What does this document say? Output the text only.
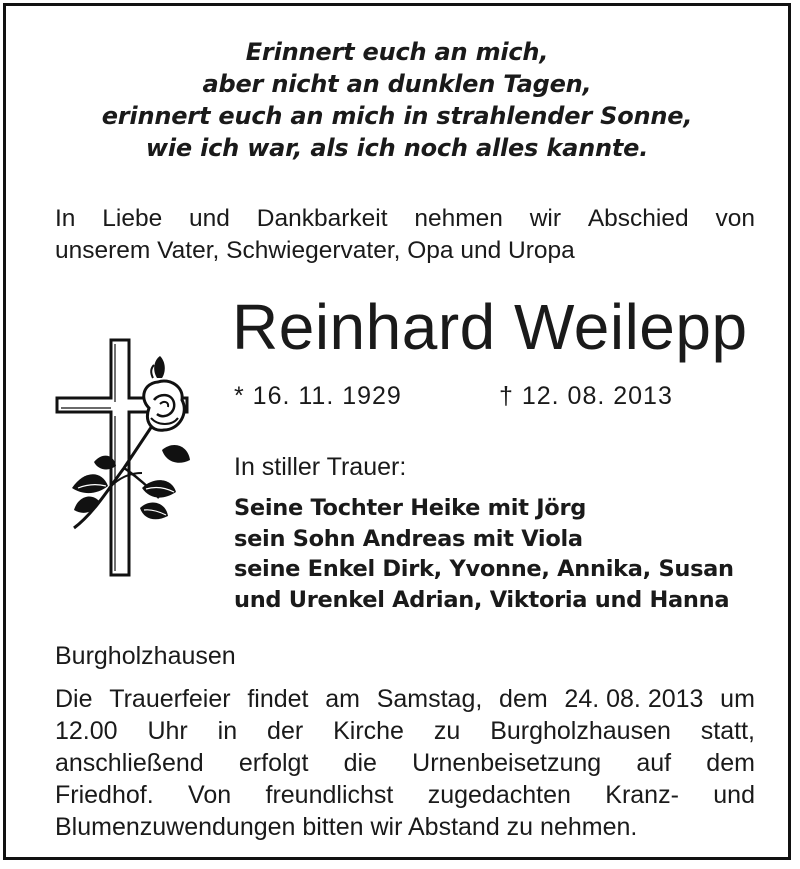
Erinnert euch an mich,
aber nicht an dunklen Tagen,
erinnert euch an mich in strahlender Sonne,
wie ich war, als ich noch alles kannte.
In Liebe und Dankbarkeit nehmen wir Abschied von
unserem Vater, Schwiegervater, Opa und Uropa
Reinhard Weilepp
* 16. 11. 1929	† 12. 08. 2013
In stiller Trauer:
Seine Tochter Heike mit Jörg
sein Sohn Andreas mit Viola
seine Enkel Dirk, Yvonne, Annika, Susan
und Urenkel Adrian, Viktoria und Hanna
Burgholzhausen
Die Trauerfeier findet am Samstag, dem 24. 08. 2013 um
12.00 Uhr in der Kirche zu Burgholzhausen statt,
anschließend erfolgt die Urnenbeisetzung auf dem
Friedhof. Von freundlichst zugedachten Kranz- und
Blumenzuwendungen bitten wir Abstand zu nehmen.
